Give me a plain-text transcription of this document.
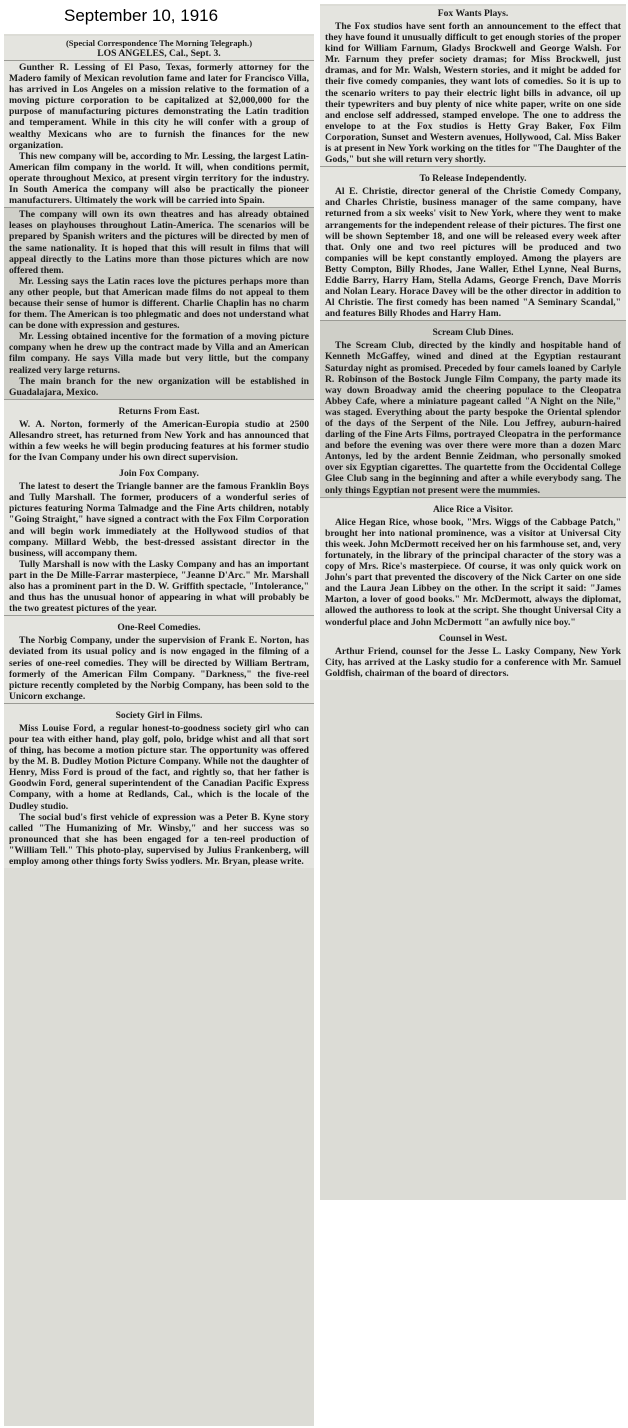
September 10, 1916
(Special Correspondence The Morning Telegraph.)
LOS ANGELES, Cal., Sept. 3.

Gunther R. Lessing of El Paso, Texas, formerly attorney for the Madero family of Mexican revolution fame and later for Francisco Villa, has arrived in Los Angeles on a mission relative to the formation of a moving picture corporation to be capitalized at $2,000,000 for the purpose of manufacturing pictures demonstrating the Latin tradition and temperament. While in this city he will confer with a group of wealthy Mexicans who are to furnish the finances for the new organization.

This new company will be, according to Mr. Lessing, the largest Latin-American film company in the world. It will, when conditions permit, operate throughout Mexico, at present virgin territory for the industry. In South America the company will also be practically the pioneer manufacturers. Ultimately the work will be carried into Spain.

The company will own its own theatres and has already obtained leases on playhouses throughout Latin-America. The scenarios will be prepared by Spanish writers and the pictures will be directed by men of the same nationality. It is hoped that this will result in films that will appeal directly to the Latins more than those pictures which are now offered them.

Mr. Lessing says the Latin races love the pictures perhaps more than any other people, but that American made films do not appeal to them because their sense of humor is different. Charlie Chaplin has no charm for them. The American is too phlegmatic and does not understand what can be done with expression and gestures.

Mr. Lessing obtained incentive for the formation of a moving picture company when he drew up the contract made by Villa and an American film company. He says Villa made but very little, but the company realized very large returns.

The main branch for the new organization will be established in Guadalajara, Mexico.

Returns From East.

W. A. Norton, formerly of the American-Europia studio at 2500 Allesandro street, has returned from New York and has announced that within a few weeks he will begin producing features at his former studio for the Ivan Company under his own direct supervision.

Join Fox Company.

The latest to desert the Triangle banner are the famous Franklin Boys and Tully Marshall. The former, producers of a wonderful series of pictures featuring Norma Talmadge and the Fine Arts children, notably "Going Straight," have signed a contract with the Fox Film Corporation and will begin work immediately at the Hollywood studios of that company. Millard Webb, the best-dressed assistant director in the business, will accompany them.

Tully Marshall is now with the Lasky Company and has an important part in the De Mille-Farrar masterpiece, "Jeanne D'Arc." Mr. Marshall also has a prominent part in the D. W. Griffith spectacle, "Intolerance," and thus has the unusual honor of appearing in what will probably be the two greatest pictures of the year.

One-Reel Comedies.

The Norbig Company, under the supervision of Frank E. Norton, has deviated from its usual policy and is now engaged in the filming of a series of one-reel comedies. They will be directed by William Bertram, formerly of the American Film Company. "Darkness," the five-reel picture recently completed by the Norbig Company, has been sold to the Unicorn exchange.

Society Girl in Films.

Miss Louise Ford, a regular honest-to-goodness society girl who can pour tea with either hand, play golf, polo, bridge whist and all that sort of thing, has become a motion picture star. The opportunity was offered by the M. B. Dudley Motion Picture Company. While not the daughter of Henry, Miss Ford is proud of the fact, and rightly so, that her father is Goodwin Ford, general superintendent of the Canadian Pacific Express Company, with a home at Redlands, Cal., which is the locale of the Dudley studio.

The social bud's first vehicle of expression was a Peter B. Kyne story called "The Humanizing of Mr. Winsby," and her success was so pronounced that she has been engaged for a ten-reel production of "William Tell." This photo-play, supervised by Julius Frankenberg, will employ among other things forty Swiss yodlers. Mr. Bryan, please write.

Fox Wants Plays.

The Fox studios have sent forth an announcement to the effect that they have found it unusually difficult to get enough stories of the proper kind for William Farnum, Gladys Brockwell and George Walsh. For Mr. Farnum they prefer society dramas; for Miss Brockwell, just dramas, and for Mr. Walsh, Western stories, and it might be added for their five comedy companies, they want lots of comedies. So it is up to the scenario writers to pay their electric light bills in advance, oil up their typewriters and buy plenty of nice white paper, write on one side and enclose self addressed, stamped envelope. The one to address the envelope to at the Fox studios is Hetty Gray Baker, Fox Film Corporation, Sunset and Western avenues, Hollywood, Cal. Miss Baker is at present in New York working on the titles for "The Daughter of the Gods," but she will return very shortly.

To Release Independently.

Al E. Christie, director general of the Christie Comedy Company, and Charles Christie, business manager of the same company, have returned from a six weeks' visit to New York, where they went to make arrangements for the independent release of their pictures. The first one will be shown September 18, and one will be released every week after that. Only one and two reel pictures will be produced and two companies will be kept constantly employed. Among the players are Betty Compton, Billy Rhodes, Jane Waller, Ethel Lynne, Neal Burns, Eddie Barry, Harry Ham, Stella Adams, George French, Dave Morris and Nolan Leary. Horace Davey will be the other director in addition to Al Christie. The first comedy has been named "A Seminary Scandal," and features Billy Rhodes and Harry Ham.

Scream Club Dines.

The Scream Club, directed by the kindly and hospitable hand of Kenneth McGaffey, wined and dined at the Egyptian restaurant Saturday night as promised. Preceded by four camels loaned by Carlyle R. Robinson of the Bostock Jungle Film Company, the party made its way down Broadway amid the cheering populace to the Cleopatra Abbey Cafe, where a miniature pageant called "A Night on the Nile," was staged. Everything about the party bespoke the Oriental splendor of the days of the Serpent of the Nile. Lou Jeffrey, auburn-haired darling of the Fine Arts Films, portrayed Cleopatra in the performance and before the evening was over there were more than a dozen Marc Antonys, led by the ardent Bennie Zeidman, who personally smoked over six Egyptian cigarettes. The quartette from the Occidental College Glee Club sang in the beginning and after a while everybody sang. The only things Egyptian not present were the mummies.

Alice Rice a Visitor.

Alice Hegan Rice, whose book, "Mrs. Wiggs of the Cabbage Patch," brought her into national prominence, was a visitor at Universal City this week. John McDermott received her on his farmhouse set, and, very fortunately, in the library of the principal character of the story was a copy of Mrs. Rice's masterpiece. Of course, it was only quick work on John's part that prevented the discovery of the Nick Carter on one side and the Laura Jean Libbey on the other. In the script it said: "James Marton, a lover of good books." Mr. McDermott, always the diplomat, allowed the authoress to look at the script. She thought Universal City a wonderful place and John McDermott "an awfully nice boy."

Counsel in West.

Arthur Friend, counsel for the Jesse L. Lasky Company, New York City, has arrived at the Lasky studio for a conference with Mr. Samuel Goldfish, chairman of the board of directors.
